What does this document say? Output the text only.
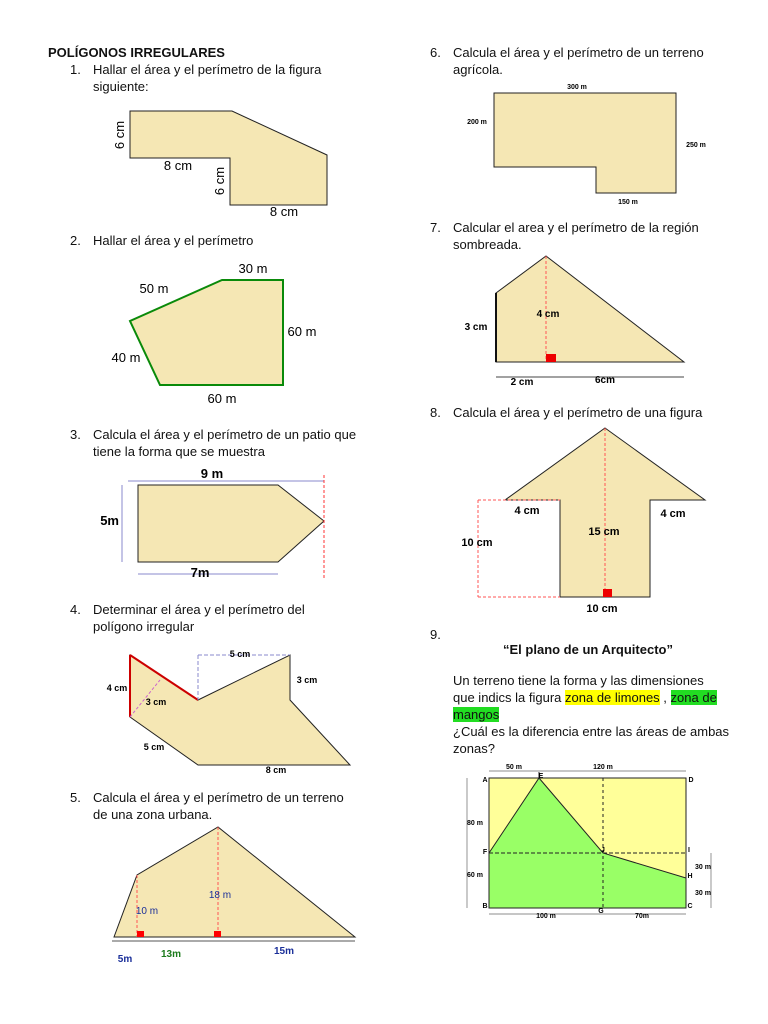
POLÍGONOS IRREGULARES
1. Hallar el área y el perímetro de la figura
siguiente:
2. Hallar el área y el perímetro
3. Calcula el área y el perímetro de un patio que
tiene la forma que se muestra
4. Determinar el área y el perímetro del
polígono irregular
5. Calcula el área y el perímetro de un terreno
de una zona urbana.
6. Calcula el área y el perímetro de un terreno
agrícola.
7. Calcular el area y el perímetro de la región
sombreada.
8. Calcula el área y el perímetro de una figura
9.
“El plano de un Arquitecto”
Un terreno tiene la forma y las dimensiones
que indics la figura zona de limones , zona de
mangos
¿Cuál es la diferencia entre las áreas de ambas
zonas?
6 cm
8 cm
6 cm
8 cm
30 m
50 m
60 m
40 m
60 m
9 m
5m
7m
5 cm
4 cm
3 cm
3 cm
5 cm
8 cm
18 m
10 m
5m	13m	15m
300 m
200 m
250 m
150 m
4 cm
3 cm
2 cm	6cm
4 cm	4 cm
15 cm
10 cm
10 cm
50 m	120 m
80 m
60 m
30 m
30 m
100 m	70m
A
E
D
F	J	I
H
B
G
C
